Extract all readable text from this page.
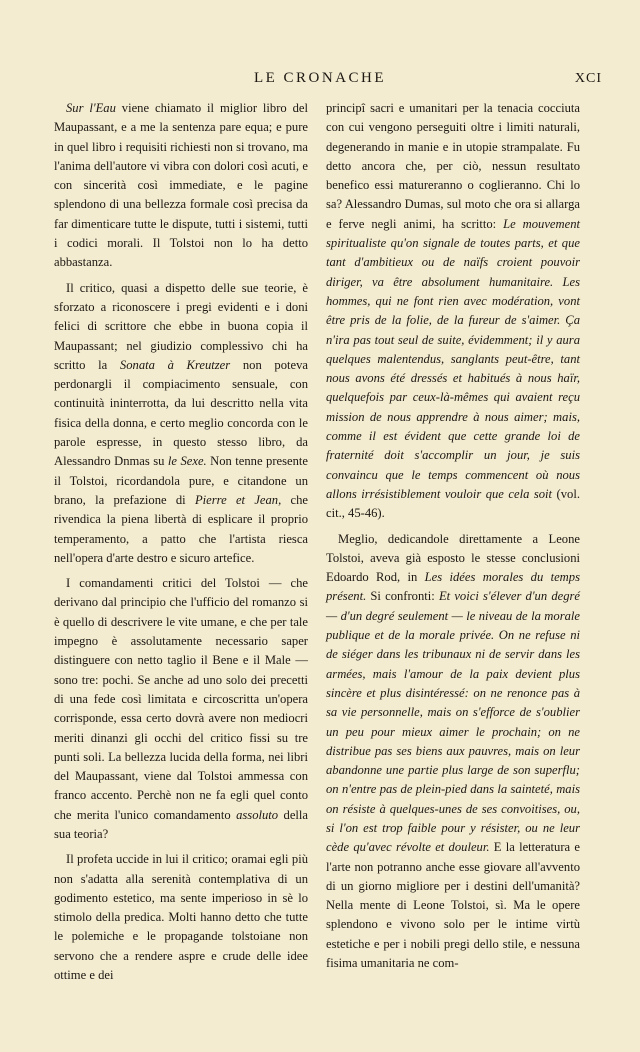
LE CRONACHE	XCI

Sur l'Eau viene chiamato il miglior libro del Maupassant, e a me la sentenza pare equa; e pure in quel libro i requisiti richiesti non si trovano, ma l'anima dell'autore vi vibra con dolori così acuti, e con sincerità così immediate, e le pagine splendono di una bellezza formale così precisa da far dimenticare tutte le dispute, tutti i sistemi, tutti i codici morali. Il Tolstoi non lo ha detto abbastanza.

Il critico, quasi a dispetto delle sue teorie, è sforzato a riconoscere i pregi evidenti e i doni felici di scrittore che ebbe in buona copia il Maupassant; nel giudizio complessivo chi ha scritto la Sonata à Kreutzer non poteva perdonargli il compiacimento sensuale, con continuità ininterrotta, da lui descritto nella vita fisica della donna, e certo meglio concorda con le parole espresse, in questo stesso libro, da Alessandro Dnmas su le Sexe. Non tenne presente il Tolstoi, ricordandola pure, e citandone un brano, la prefazione di Pierre et Jean, che rivendica la piena libertà di esplicare il proprio temperamento, a patto che l'artista riesca nell'opera d'arte destro e sicuro artefice.

I comandamenti critici del Tolstoi — che derivano dal principio che l'ufficio del romanzo si è quello di descrivere le vite umane, e che per tale impegno è assolutamente necessario saper distinguere con netto taglio il Bene e il Male — sono tre: pochi. Se anche ad uno solo dei precetti di una fede così limitata e circoscritta un'opera corrisponde, essa certo dovrà avere non mediocri meriti dinanzi gli occhi del critico fissi su tre punti soli. La bellezza lucida della forma, nei libri del Maupassant, viene dal Tolstoi ammessa con franco accento. Perchè non ne fa egli quel conto che merita l'unico comandamento assoluto della sua teoria?

Il profeta uccide in lui il critico; oramai egli più non s'adatta alla serenità contemplativa di un godimento estetico, ma sente imperioso in sè lo stimolo della predica. Molti hanno detto che tutte le polemiche e le propagande tolstoiane non servono che a rendere aspre e crude delle idee ottime e dei

principî sacri e umanitari per la tenacia cocciuta con cui vengono perseguiti oltre i limiti naturali, degenerando in manie e in utopie strampalate. Fu detto ancora che, per ciò, nessun resultato benefico essi matureranno o coglieranno. Chi lo sa? Alessandro Dumas, sul moto che ora si allarga e ferve negli animi, ha scritto: Le mouvement spiritualiste qu'on signale de toutes parts, et que tant d'ambitieux ou de naïfs croient pouvoir diriger, va être absolument humanitaire. Les hommes, qui ne font rien avec modération, vont être pris de la folie, de la fureur de s'aimer. Ça n'ira pas tout seul de suite, évidemment; il y aura quelques malentendus, sanglants peut-être, tant nous avons été dressés et habitués à nous haïr, quelquefois par ceux-là-mêmes qui avaient reçu mission de nous apprendre à nous aimer; mais, comme il est évident que cette grande loi de fraternité doit s'accomplir un jour, je suis convaincu que le temps commencent où nous allons irrésistiblement vouloir que cela soit (vol. cit., 45-46).

Meglio, dedicandole direttamente a Leone Tolstoi, aveva già esposto le stesse conclusioni Edoardo Rod, in Les idées morales du temps présent. Si confronti: Et voici s'élever d'un degré — d'un degré seulement — le niveau de la morale publique et de la morale privée. On ne refuse ni de siéger dans les tribunaux ni de servir dans les armées, mais l'amour de la paix devient plus sincère et plus disintéressé: on ne renonce pas à sa vie personnelle, mais on s'efforce de s'oublier un peu pour mieux aimer le prochain; on ne distribue pas ses biens aux pauvres, mais on leur abandonne une partie plus large de son superflu; on n'entre pas de plein-pied dans la sainteté, mais on résiste à quelques-unes de ses convoitises, ou, si l'on est trop faible pour y résister, ou ne leur cède qu'avec révolte et douleur. E la letteratura e l'arte non potranno anche esse giovare all'avvento di un giorno migliore per i destini dell'umanità? Nella mente di Leone Tolstoi, sì. Ma le opere splendono e vivono solo per le intime virtù estetiche e per i nobili pregi dello stile, e nessuna fisima umanitaria ne com-
